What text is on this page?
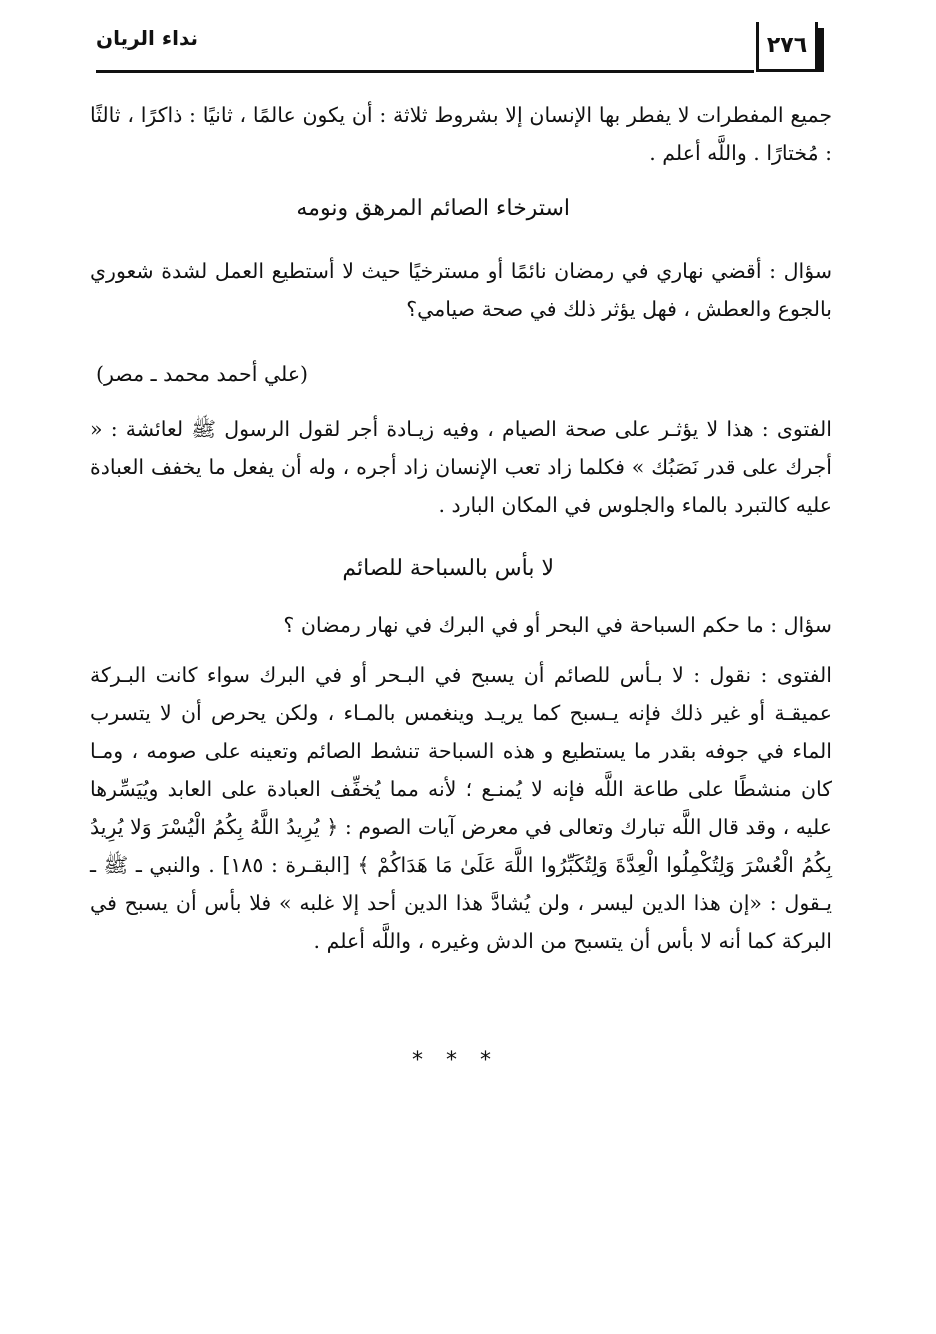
٢٧٦
نداء الريان
جميع المفطرات لا يفطر بها الإنسان إلا بشروط ثلاثة : أن يكون عالمًا ، ثانيًا : ذاكرًا ، ثالثًا : مُختارًا . واللَّه أعلم .
استرخاء الصائم المرهق ونومه
سؤال : أقضي نهاري في رمضان نائمًا أو مسترخيًا حيث لا أستطيع العمل لشدة شعوري بالجوع والعطش ، فهل يؤثر ذلك في صحة صيامي؟
(علي أحمد محمد ـ مصر)
الفتوى : هذا لا يؤثـر على صحة الصيام ، وفيه زيـادة أجر لقول الرسول ﷺ لعائشة : « أجرك على قدر نَصَبُك » فكلما زاد تعب الإنسان زاد أجره ، وله أن يفعل ما يخفف العبادة عليه كالتبرد بالماء والجلوس في المكان البارد .
لا بأس بالسباحة للصائم
سؤال : ما حكم السباحة في البحر أو في البرك في نهار رمضان ؟
الفتوى : نقول : لا بـأس للصائم أن يسبح في البـحر أو في البرك سواء كانت البـركة عميقـة أو غير ذلك فإنه يـسبح كما يريـد وينغمس بالمـاء ، ولكن يحرص أن لا يتسرب الماء في جوفه بقدر ما يستطيع و هذه السباحة تنشط الصائم وتعينه على صومه ، ومـا كان منشطًا على طاعة اللَّه فإنه لا يُمنـع ؛ لأنه مما يُخفِّف العبادة على العابد ويُيَسِّرها عليه ، وقد قال اللَّه تبارك وتعالى في معرض آيات الصوم : ﴿ يُرِيدُ اللَّهُ بِكُمُ الْيُسْرَ وَلا يُرِيدُ بِكُمُ الْعُسْرَ وَلِتُكْمِلُوا الْعِدَّةَ وَلِتُكَبِّرُوا اللَّهَ عَلَىٰ مَا هَدَاكُمْ ﴾ [البقـرة : ١٨٥] . والنبي ـ ﷺ ـ يـقول : «إن هذا الدين ليسر ، ولن يُشادَّ هذا الدين أحد إلا غلبه » فلا بأس أن يسبح في البركة كما أنه لا بأس أن يتسبح من الدش وغيره ، واللَّه أعلم .
* * *
